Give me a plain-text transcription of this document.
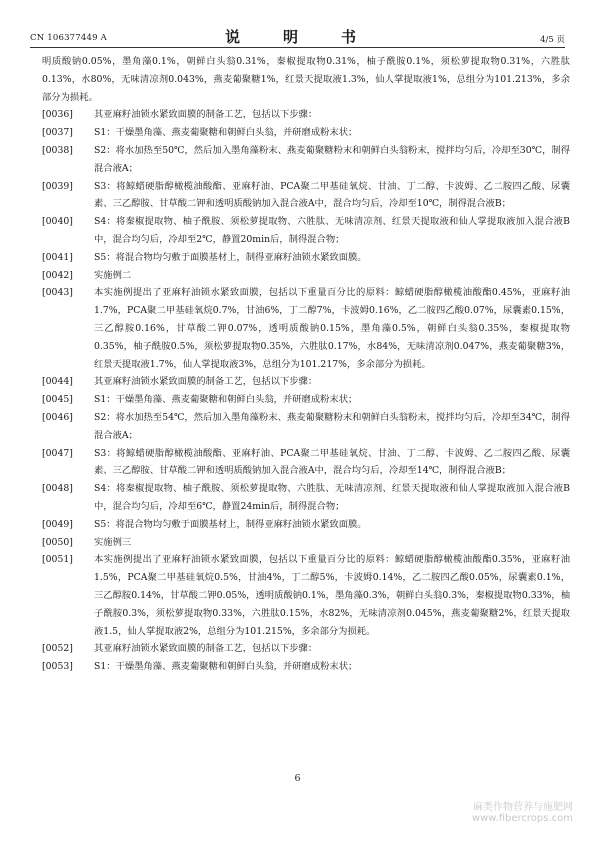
CN 106377449 A	说　明　书	4/5 页
明质酸钠0.05%，墨角藻0.1%，朝鲜白头翁0.31%，秦椒提取物0.31%，柚子酰胺0.1%，须松萝提取物0.31%，六胜肽0.13%，水80%，无味清凉剂0.043%，燕麦葡聚糖1%，红景天提取液1.3%，仙人掌提取液1%，总组分为101.213%，多余部分为损耗。
[0036]	其亚麻籽油锁水紧致面膜的制备工艺，包括以下步骤：
[0037]	S1：干燥墨角藻、燕麦葡聚糖和朝鲜白头翁，并研磨成粉末状；
[0038]	S2：将水加热至50℃，然后加入墨角藻粉末、燕麦葡聚糖粉末和朝鲜白头翁粉末，搅拌均匀后，冷却至30℃，制得混合液A；
[0039]	S3：将鲸蜡硬脂醇橄榄油酸酯、亚麻籽油、PCA聚二甲基硅氧烷、甘油、丁二醇、卡波姆、乙二胺四乙酸、尿囊素、三乙醇胺、甘草酸二钾和透明质酸钠加入混合液A中，混合均匀后，冷却至10℃，制得混合液B；
[0040]	S4：将秦椒提取物、柚子酰胺、须松萝提取物、六胜肽、无味清凉剂、红景天提取液和仙人掌提取液加入混合液B中，混合均匀后，冷却至2℃，静置20min后，制得混合物；
[0041]	S5：将混合物均匀敷于面膜基材上，制得亚麻籽油锁水紧致面膜。
[0042]	实施例二
[0043]	本实施例提出了亚麻籽油锁水紧致面膜，包括以下重量百分比的原料：鲸蜡硬脂醇橄榄油酸酯0.45%，亚麻籽油1.7%，PCA聚二甲基硅氧烷0.7%，甘油6%，丁二醇7%，卡波姆0.16%，乙二胺四乙酸0.07%，尿囊素0.15%，三乙醇胺0.16%，甘草酸二钾0.07%，透明质酸钠0.15%，墨角藻0.5%，朝鲜白头翁0.35%，秦椒提取物0.35%，柚子酰胺0.5%，须松萝提取物0.35%，六胜肽0.17%，水84%，无味清凉剂0.047%，燕麦葡聚糖3%，红景天提取液1.7%，仙人掌提取液3%，总组分为101.217%，多余部分为损耗。
[0044]	其亚麻籽油锁水紧致面膜的制备工艺，包括以下步骤：
[0045]	S1：干燥墨角藻、燕麦葡聚糖和朝鲜白头翁，并研磨成粉末状；
[0046]	S2：将水加热至54℃，然后加入墨角藻粉末、燕麦葡聚糖粉末和朝鲜白头翁粉末，搅拌均匀后，冷却至34℃，制得混合液A；
[0047]	S3：将鲸蜡硬脂醇橄榄油酸酯、亚麻籽油、PCA聚二甲基硅氧烷、甘油、丁二醇、卡波姆、乙二胺四乙酸、尿囊素、三乙醇胺、甘草酸二钾和透明质酸钠加入混合液A中，混合均匀后，冷却至14℃，制得混合液B；
[0048]	S4：将秦椒提取物、柚子酰胺、须松萝提取物、六胜肽、无味清凉剂、红景天提取液和仙人掌提取液加入混合液B中，混合均匀后，冷却至6℃，静置24min后，制得混合物；
[0049]	S5：将混合物均匀敷于面膜基材上，制得亚麻籽油锁水紧致面膜。
[0050]	实施例三
[0051]	本实施例提出了亚麻籽油锁水紧致面膜，包括以下重量百分比的原料：鲸蜡硬脂醇橄榄油酸酯0.35%，亚麻籽油1.5%，PCA聚二甲基硅氧烷0.5%，甘油4%，丁二醇5%，卡波姆0.14%，乙二胺四乙酸0.05%，尿囊素0.1%，三乙醇胺0.14%，甘草酸二钾0.05%，透明质酸钠0.1%，墨角藻0.3%，朝鲜白头翁0.3%，秦椒提取物0.33%，柚子酰胺0.3%，须松萝提取物0.33%，六胜肽0.15%，水82%，无味清凉剂0.045%，燕麦葡聚糖2%，红景天提取液1.5，仙人掌提取液2%，总组分为101.215%，多余部分为损耗。
[0052]	其亚麻籽油锁水紧致面膜的制备工艺，包括以下步骤：
[0053]	S1：干燥墨角藻、燕麦葡聚糖和朝鲜白头翁，并研磨成粉末状；
6
麻类作物营养与施肥网
www.fibercrops.com
